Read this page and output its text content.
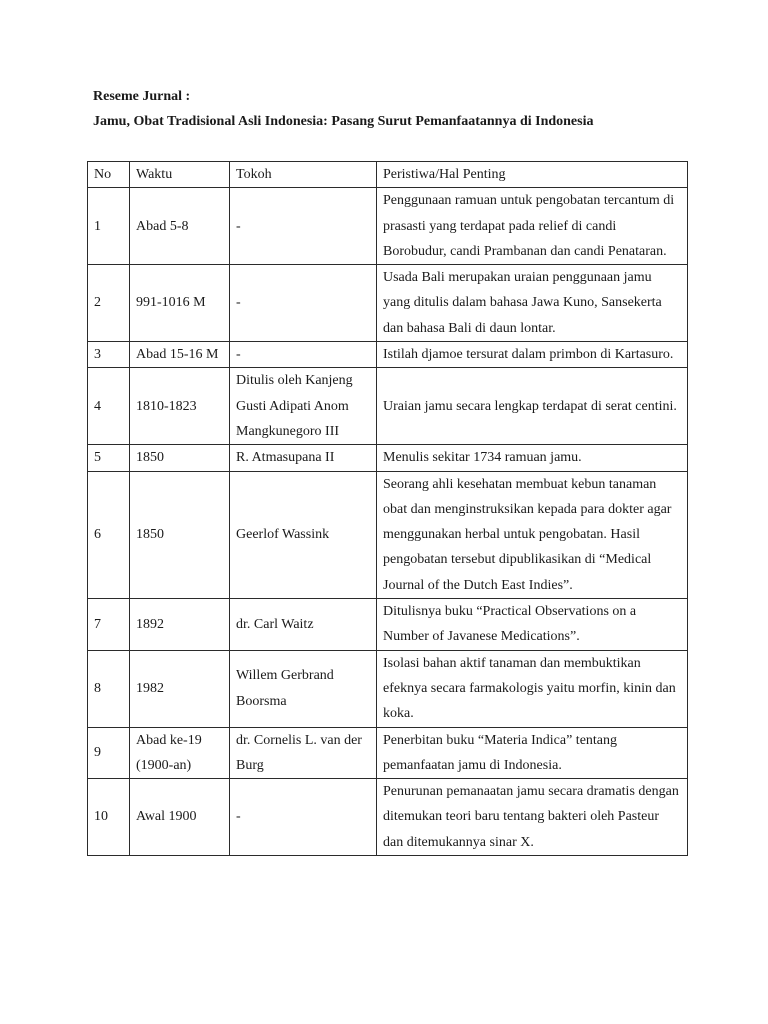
Reseme Jurnal :
Jamu, Obat Tradisional Asli Indonesia: Pasang Surut Pemanfaatannya di Indonesia
No	Waktu	Tokoh	Peristiwa/Hal Penting
1	Abad 5-8	-	Penggunaan ramuan untuk pengobatan tercantum di prasasti yang terdapat pada relief di candi Borobudur, candi Prambanan dan candi Penataran.
2	991-1016 M	-	Usada Bali merupakan uraian penggunaan jamu yang ditulis dalam bahasa Jawa Kuno, Sansekerta dan bahasa Bali di daun lontar.
3	Abad 15-16 M	-	Istilah djamoe tersurat dalam primbon di Kartasuro.
4	1810-1823	Ditulis oleh Kanjeng Gusti Adipati Anom Mangkunegoro III	Uraian jamu secara lengkap terdapat di serat centini.
5	1850	R. Atmasupana II	Menulis sekitar 1734 ramuan jamu.
6	1850	Geerlof Wassink	Seorang ahli kesehatan membuat kebun tanaman obat dan menginstruksikan kepada para dokter agar menggunakan herbal untuk pengobatan. Hasil pengobatan tersebut dipublikasikan di “Medical Journal of the Dutch East Indies”.
7	1892	dr. Carl Waitz	Ditulisnya buku “Practical Observations on a Number of Javanese Medications”.
8	1982	Willem Gerbrand Boorsma	Isolasi bahan aktif tanaman dan membuktikan efeknya secara farmakologis yaitu morfin, kinin dan koka.
9	Abad ke-19 (1900-an)	dr. Cornelis L. van der Burg	Penerbitan buku “Materia Indica” tentang pemanfaatan jamu di Indonesia.
10	Awal 1900	-	Penurunan pemanaatan jamu secara dramatis dengan ditemukan teori baru tentang bakteri oleh Pasteur dan ditemukannya sinar X.
